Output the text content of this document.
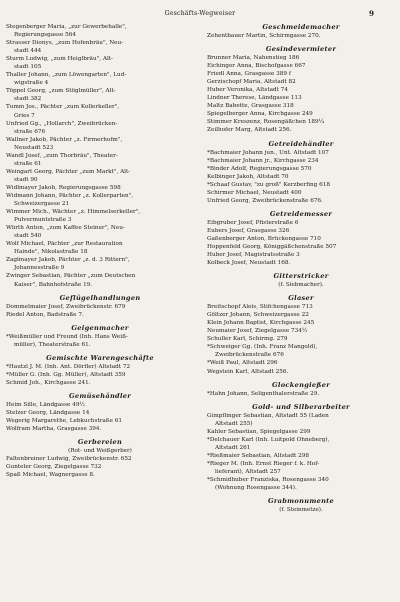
Geschäfts-Wegweiser	9

Stegenberger Maria, „zur Gewerbehalle",
Regierungsgasse 564

Strasser Dionys, „zum Hofenbräu", Neu-
stadt 444

Sturm Ludwig, „zum Heiglbräu", Alt-
stadt 105

Thaller Johann, „zum Löwengarten", Lud-
wigstraße 4

Töppel Georg, „zum Stöglmüller", Alt-
stadt 382

Tumm Jos., Pächter „zum Kollerkeller",
Gries 7

Unfried Gg., „Hollarch", Zweibrücken-
straße 676

Wallner Jakob, Pächter „z. Firmerhofm",
Neustadt 523

Wandl Josef, „zum Thorbräu", Theater-
straße 61

Weingart Georg, Pächter „zum Markt", Alt-
stadt 90

Widlmayer Jakob, Regierungsgasse 598

Widmann Johann, Pächter „z. Kollerparten",
Schweizergasse 21

Wimmer Mich., Wächter „z. Himmelserkeller",
Pulvermuntstraße 3

Würth Anton, „zum Kaffee Steiner", Neu-
stadt 540

Wolf Michael, Pächter „zur Restauration
Hainde", Nikolastraße 18

Zaglmayer Jakob, Pächter „z. d. 3 Rittern",
Johannesstraße 9

Zwinger Sebastian, Pächter „zum Deutschen
Kaiser", Bahnhofstraße 19.

Geflügelhandlungen

Dommelmaier Josef, Zweibrückenstr. 679

Riedel Anton, Badstraße 7.

Geigenmacher

*Weißmüller und Freund (Inh. Hans Weiß-
müller), Theaterstraße 61.

Gemischte Warengeschäfte

*Hautzl J. M. (Inh. Ant. Dörfler) Altstadt 72

*Müller G. (Inh. Gg. Müller), Altstadt 359

Schmid Joh., Kirchgasse 241.

Gemüsehändler

Heim Sille, Ländgasse 49½

Stelzer Georg, Ländgasse 14

Wegerig Margarethe, Lebkuchstraße 61

Wolfram Martha, Grasgasse 394.

Gerbereien
(Rot- und Weißgerber)

Faltenbreiner Ludwig, Zweibrückenstr. 652

Gunteler Georg, Ziegelgasse 732

Spaß Michael, Wagnergasse 8.

Geschmeidemacher

Zehentbauer Martin, Schirmgasse 270.

Gesindevermieter

Brunner Maria, Nahenstieg 186

Eichinger Anna, Bischofgasse 667

Friedl Anna, Grasgasse 389 f

Gerzischopf Maria, Altstadt 82

Huber Veronika, Altstadt 74

Lindner Therese, Ländgasse 113

Maltz Babette, Grasgasse 318

Spiegelberger Anna, Kirchgasse 249

Stimmer Kreszenz, Rosengäßchen 189¼

Zeilhofer Marg, Altstadt 256.

Getreidehändler

*Bachmaier Johann jun., Unt. Altstadt 107

*Bachmaier Johann jr., Kirchgasse 234

*Binder Adolf, Regierungsgasse 570

Kelbinger Jakob, Altstadt 70

*Schaaf Gustav, "zu groß" Kerzberfing 618

Schirmer Michael, Neustadt 400

Unfried Georg, Zweibrückenstraße 676.

Getreidemesser

Eibgruber Josef, Pfisterstraße 6

Eubers Josef, Grasgasse 326

Gaßenberger Anton, Brückengasse 710

Hoppenfeld Georg, Königgäßchenstraße 507

Huber Josef, Magistratsstraße 3

Kolbeck Josef, Neustadt 168.

Gitterstricker
(f. Siebmacher).
Glaser

Breitschopf Alois, Stifchengasse 713

Göltzer Johann, Schweizergasse 22

Klein Johann Baptist, Kirchgasse 245

Neumaier Josef, Ziegelgasse 734½

Schuller Karl, Schirmg. 279

*Schweiger Gg. (Inh. Franz Mangold),
Zweibrückenstraße 676

*Weiß Paul, Altstadt 296

Wegstein Karl, Altstadt 256.

Glockengießer

*Hahn Johann, Seligenthalerstraße 29.

Gold- und Silberarbeiter

Gimpflinger Sebastian, Altstadt 55 (Laden
Altstadt 255)

Kahler Sebastian, Spiegelgasse 299

*Delchauer Karl (Inh. Luitpold Ohneberg),
Altstadt 261

*Rießmaier Sebastian, Altstadt 298

*Rieger M. (Inh. Ernst Rieger f. k. Hof-
lieferant), Altstadt 257

*Schmidhuber Franziska, Rosengasse 340
(Wohnung Rosengasse 344).

Grabmonumente
(f. Steinmetze).
